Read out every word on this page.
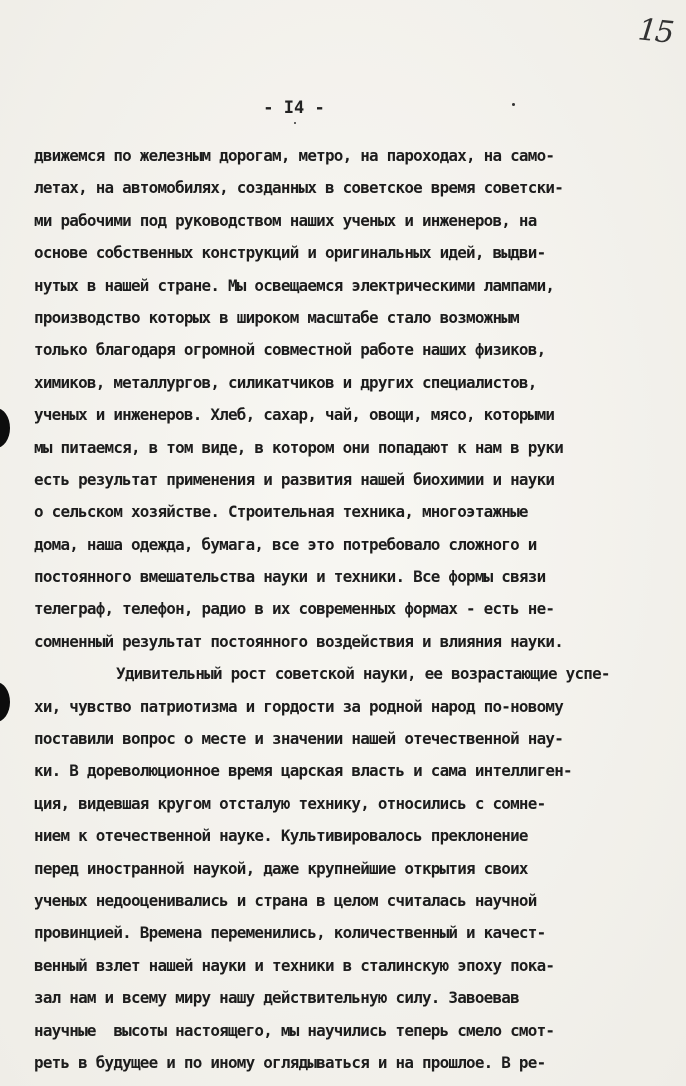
15
- I4 -
движемся по железным дорогам, метро, на пароходах, на само-
летах, на автомобилях, созданных в советское время советски-
ми рабочими под руководством наших ученых и инженеров, на
основе собственных конструкций и оригинальных идей, выдви-
нутых в нашей стране. Мы освещаемся электрическими лампами,
производство которых в широком масштабе стало возможным
только благодаря огромной совместной работе наших физиков,
химиков, металлургов, силикатчиков и других специалистов,
ученых и инженеров. Хлеб, сахар, чай, овощи, мясо, которыми
мы питаемся, в том виде, в котором они попадают к нам в руки
есть результат применения и развития нашей биохимии и науки
о сельском хозяйстве. Строительная техника, многоэтажные
дома, наша одежда, бумага, все это потребовало сложного и
постоянного вмешательства науки и техники. Все формы связи
телеграф, телефон, радио в их современных формах - есть не-
сомненный результат постоянного воздействия и влияния науки.
Удивительный рост советской науки, ее возрастающие успе-
хи, чувство патриотизма и гордости за родной народ по-новому
поставили вопрос о месте и значении нашей отечественной нау-
ки. В дореволюционное время царская власть и сама интеллиген-
ция, видевшая кругом отсталую технику, относились с сомне-
нием к отечественной науке. Культивировалось преклонение
перед иностранной наукой, даже крупнейшие открытия своих
ученых недооценивались и страна в целом считалась научной
провинцией. Времена переменились, количественный и качест-
венный взлет нашей науки и техники в сталинскую эпоху пока-
зал нам и всему миру нашу действительную силу. Завоевав
научные  высоты настоящего, мы научились теперь смело смот-
реть в будущее и по иному оглядываться и на прошлое. В ре-
